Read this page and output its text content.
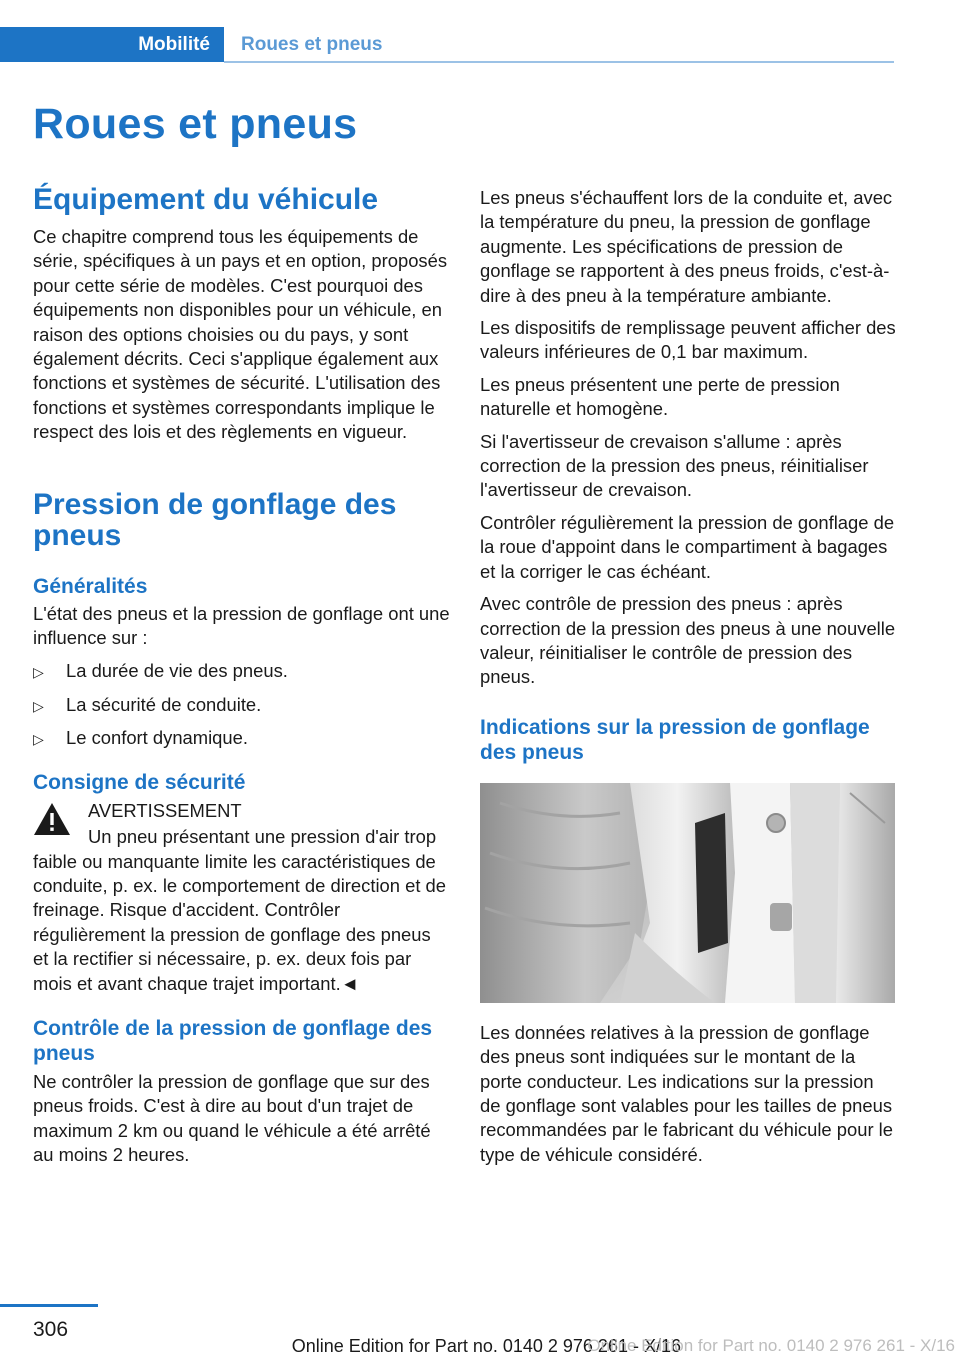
Mobilité	Roues et pneus
Roues et pneus
Équipement du véhicule

Ce chapitre comprend tous les équipements de série, spécifiques à un pays et en option, proposés pour cette série de modèles. C'est pourquoi des équipements non disponibles pour un véhicule, en raison des options choisies ou du pays, y sont également décrits. Ceci s'applique également aux fonctions et systèmes de sécurité. L'utilisation des fonctions et systèmes correspondants implique le respect des lois et des règlements en vigueur.

Pression de gonflage des pneus
Généralités

L'état des pneus et la pression de gonflage ont une influence sur :

▷ La durée de vie des pneus.
▷ La sécurité de conduite.
▷ Le confort dynamique.
Consigne de sécurité
AVERTISSEMENT

Un pneu présentant une pression d'air trop faible ou manquante limite les caractéristiques de conduite, p. ex. le comportement de direction et de freinage. Risque d'accident. Contrôler régulièrement la pression de gonflage des pneus et la rectifier si nécessaire, p. ex. deux fois par mois et avant chaque trajet important.◄

Contrôle de la pression de gonflage des pneus

Ne contrôler la pression de gonflage que sur des pneus froids. C'est à dire au bout d'un trajet de maximum 2 km ou quand le véhicule a été arrêté au moins 2 heures.

Les pneus s'échauffent lors de la conduite et, avec la température du pneu, la pression de gonflage augmente. Les spécifications de pression de gonflage se rapportent à des pneus froids, c'est-à-dire à des pneu à la température ambiante.

Les dispositifs de remplissage peuvent afficher des valeurs inférieures de 0,1 bar maximum.

Les pneus présentent une perte de pression naturelle et homogène.

Si l'avertisseur de crevaison s'allume : après correction de la pression des pneus, réinitialiser l'avertisseur de crevaison.

Contrôler régulièrement la pression de gonflage de la roue d'appoint dans le compartiment à bagages et la corriger le cas échéant.

Avec contrôle de pression des pneus : après correction de la pression des pneus à une nouvelle valeur, réinitialiser le contrôle de pression des pneus.

Indications sur la pression de gonflage des pneus

Les données relatives à la pression de gonflage des pneus sont indiquées sur le montant de la porte conducteur. Les indications sur la pression de gonflage sont valables pour les tailles de pneus recommandées par le fabricant du véhicule pour le type de véhicule considéré.

306
Online Edition for Part no. 0140 2 976 261 - X/16
Online Edition for Part no. 0140 2 976 261 - X/16
